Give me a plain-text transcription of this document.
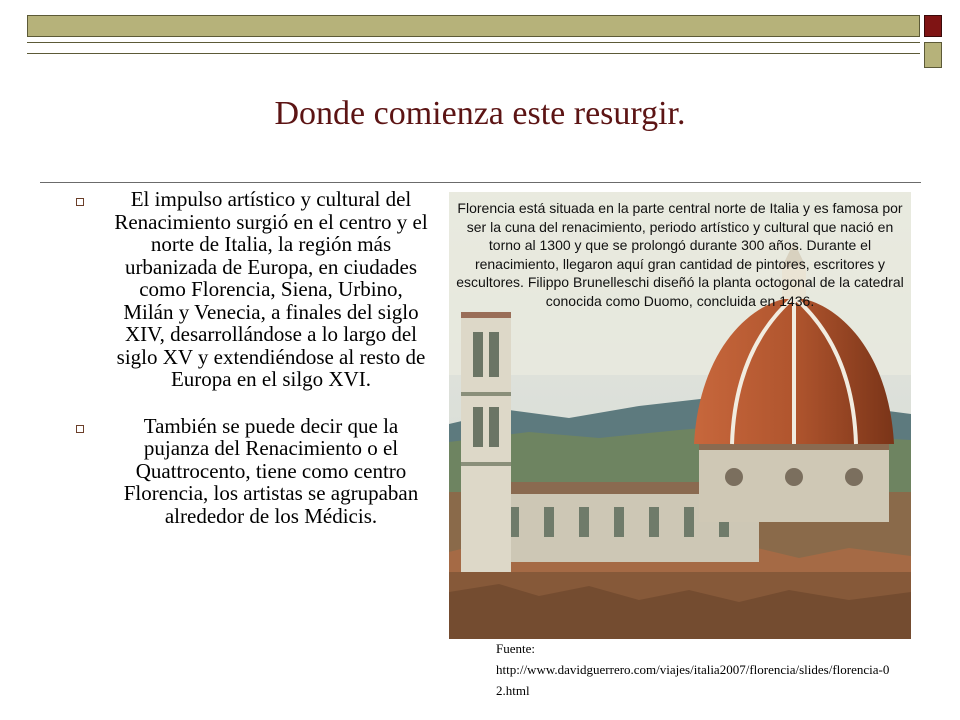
Donde comienza este resurgir.
El impulso artístico y cultural del Renacimiento surgió en el centro y el norte de Italia, la región más urbanizada de Europa, en ciudades como Florencia, Siena, Urbino, Milán y Venecia, a finales del siglo XIV, desarrollándose a lo largo del siglo XV y extendiéndose al resto de Europa en el silgo XVI.
También se puede decir que la pujanza del Renacimiento o el Quattrocento, tiene como centro Florencia, los artistas se agrupaban alrededor de los Médicis.
Florencia está situada en la parte central norte de Italia y es famosa por ser la cuna del renacimiento, periodo artístico y cultural que nació en torno al 1300 y que se prolongó durante 300 años. Durante el renacimiento, llegaron aquí gran cantidad de pintores, escritores y escultores. Filippo Brunelleschi diseñó la planta octogonal de la catedral conocida como Duomo, concluida en 1436.
Fuente:
http://www.davidguerrero.com/viajes/italia2007/florencia/slides/florencia-02.html
